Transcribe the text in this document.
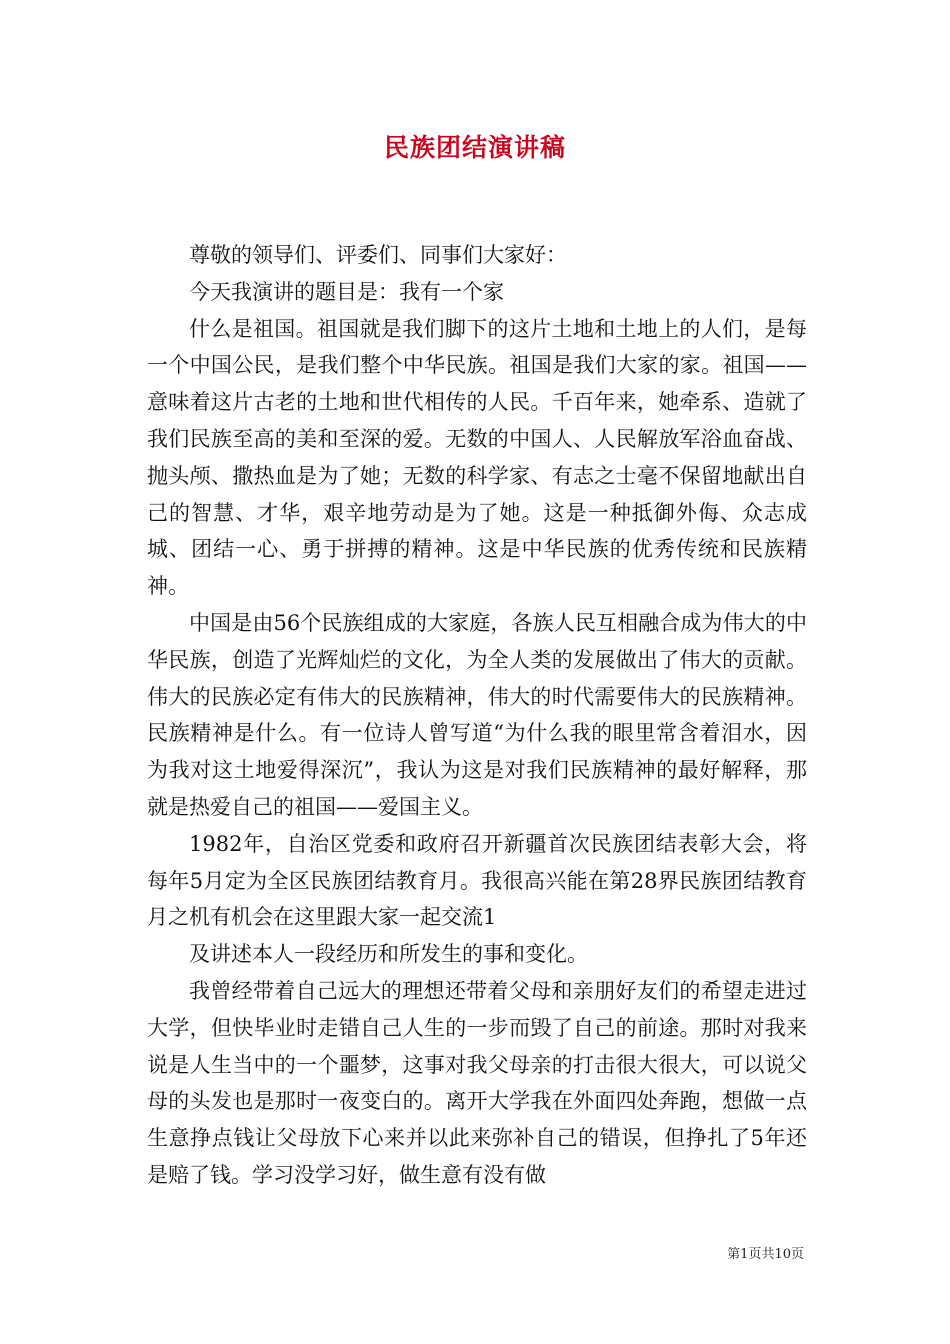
民族团结演讲稿

尊敬的领导们、评委们、同事们大家好：

今天我演讲的题目是：我有一个家

什么是祖国。祖国就是我们脚下的这片土地和土地上的人们，是每一个中国公民，是我们整个中华民族。祖国是我们大家的家。祖国——意味着这片古老的土地和世代相传的人民。千百年来，她牵系、造就了我们民族至高的美和至深的爱。无数的中国人、人民解放军浴血奋战、抛头颅、撒热血是为了她；无数的科学家、有志之士毫不保留地献出自己的智慧、才华，艰辛地劳动是为了她。这是一种抵御外侮、众志成城、团结一心、勇于拼搏的精神。这是中华民族的优秀传统和民族精神。

中国是由56个民族组成的大家庭，各族人民互相融合成为伟大的中华民族，创造了光辉灿烂的文化，为全人类的发展做出了伟大的贡献。伟大的民族必定有伟大的民族精神，伟大的时代需要伟大的民族精神。民族精神是什么。有一位诗人曾写道“为什么我的眼里常含着泪水，因为我对这土地爱得深沉”，我认为这是对我们民族精神的最好解释，那就是热爱自己的祖国——爱国主义。

1982年，自治区党委和政府召开新疆首次民族团结表彰大会，将每年5月定为全区民族团结教育月。我很高兴能在第28界民族团结教育月之机有机会在这里跟大家一起交流1

及讲述本人一段经历和所发生的事和变化。

我曾经带着自己远大的理想还带着父母和亲朋好友们的希望走进过大学，但快毕业时走错自己人生的一步而毁了自己的前途。那时对我来说是人生当中的一个噩梦，这事对我父母亲的打击很大很大，可以说父母的头发也是那时一夜变白的。离开大学我在外面四处奔跑，想做一点生意挣点钱让父母放下心来并以此来弥补自己的错误，但挣扎了5年还是赔了钱。学习没学习好，做生意有没有做

第1页共10页
